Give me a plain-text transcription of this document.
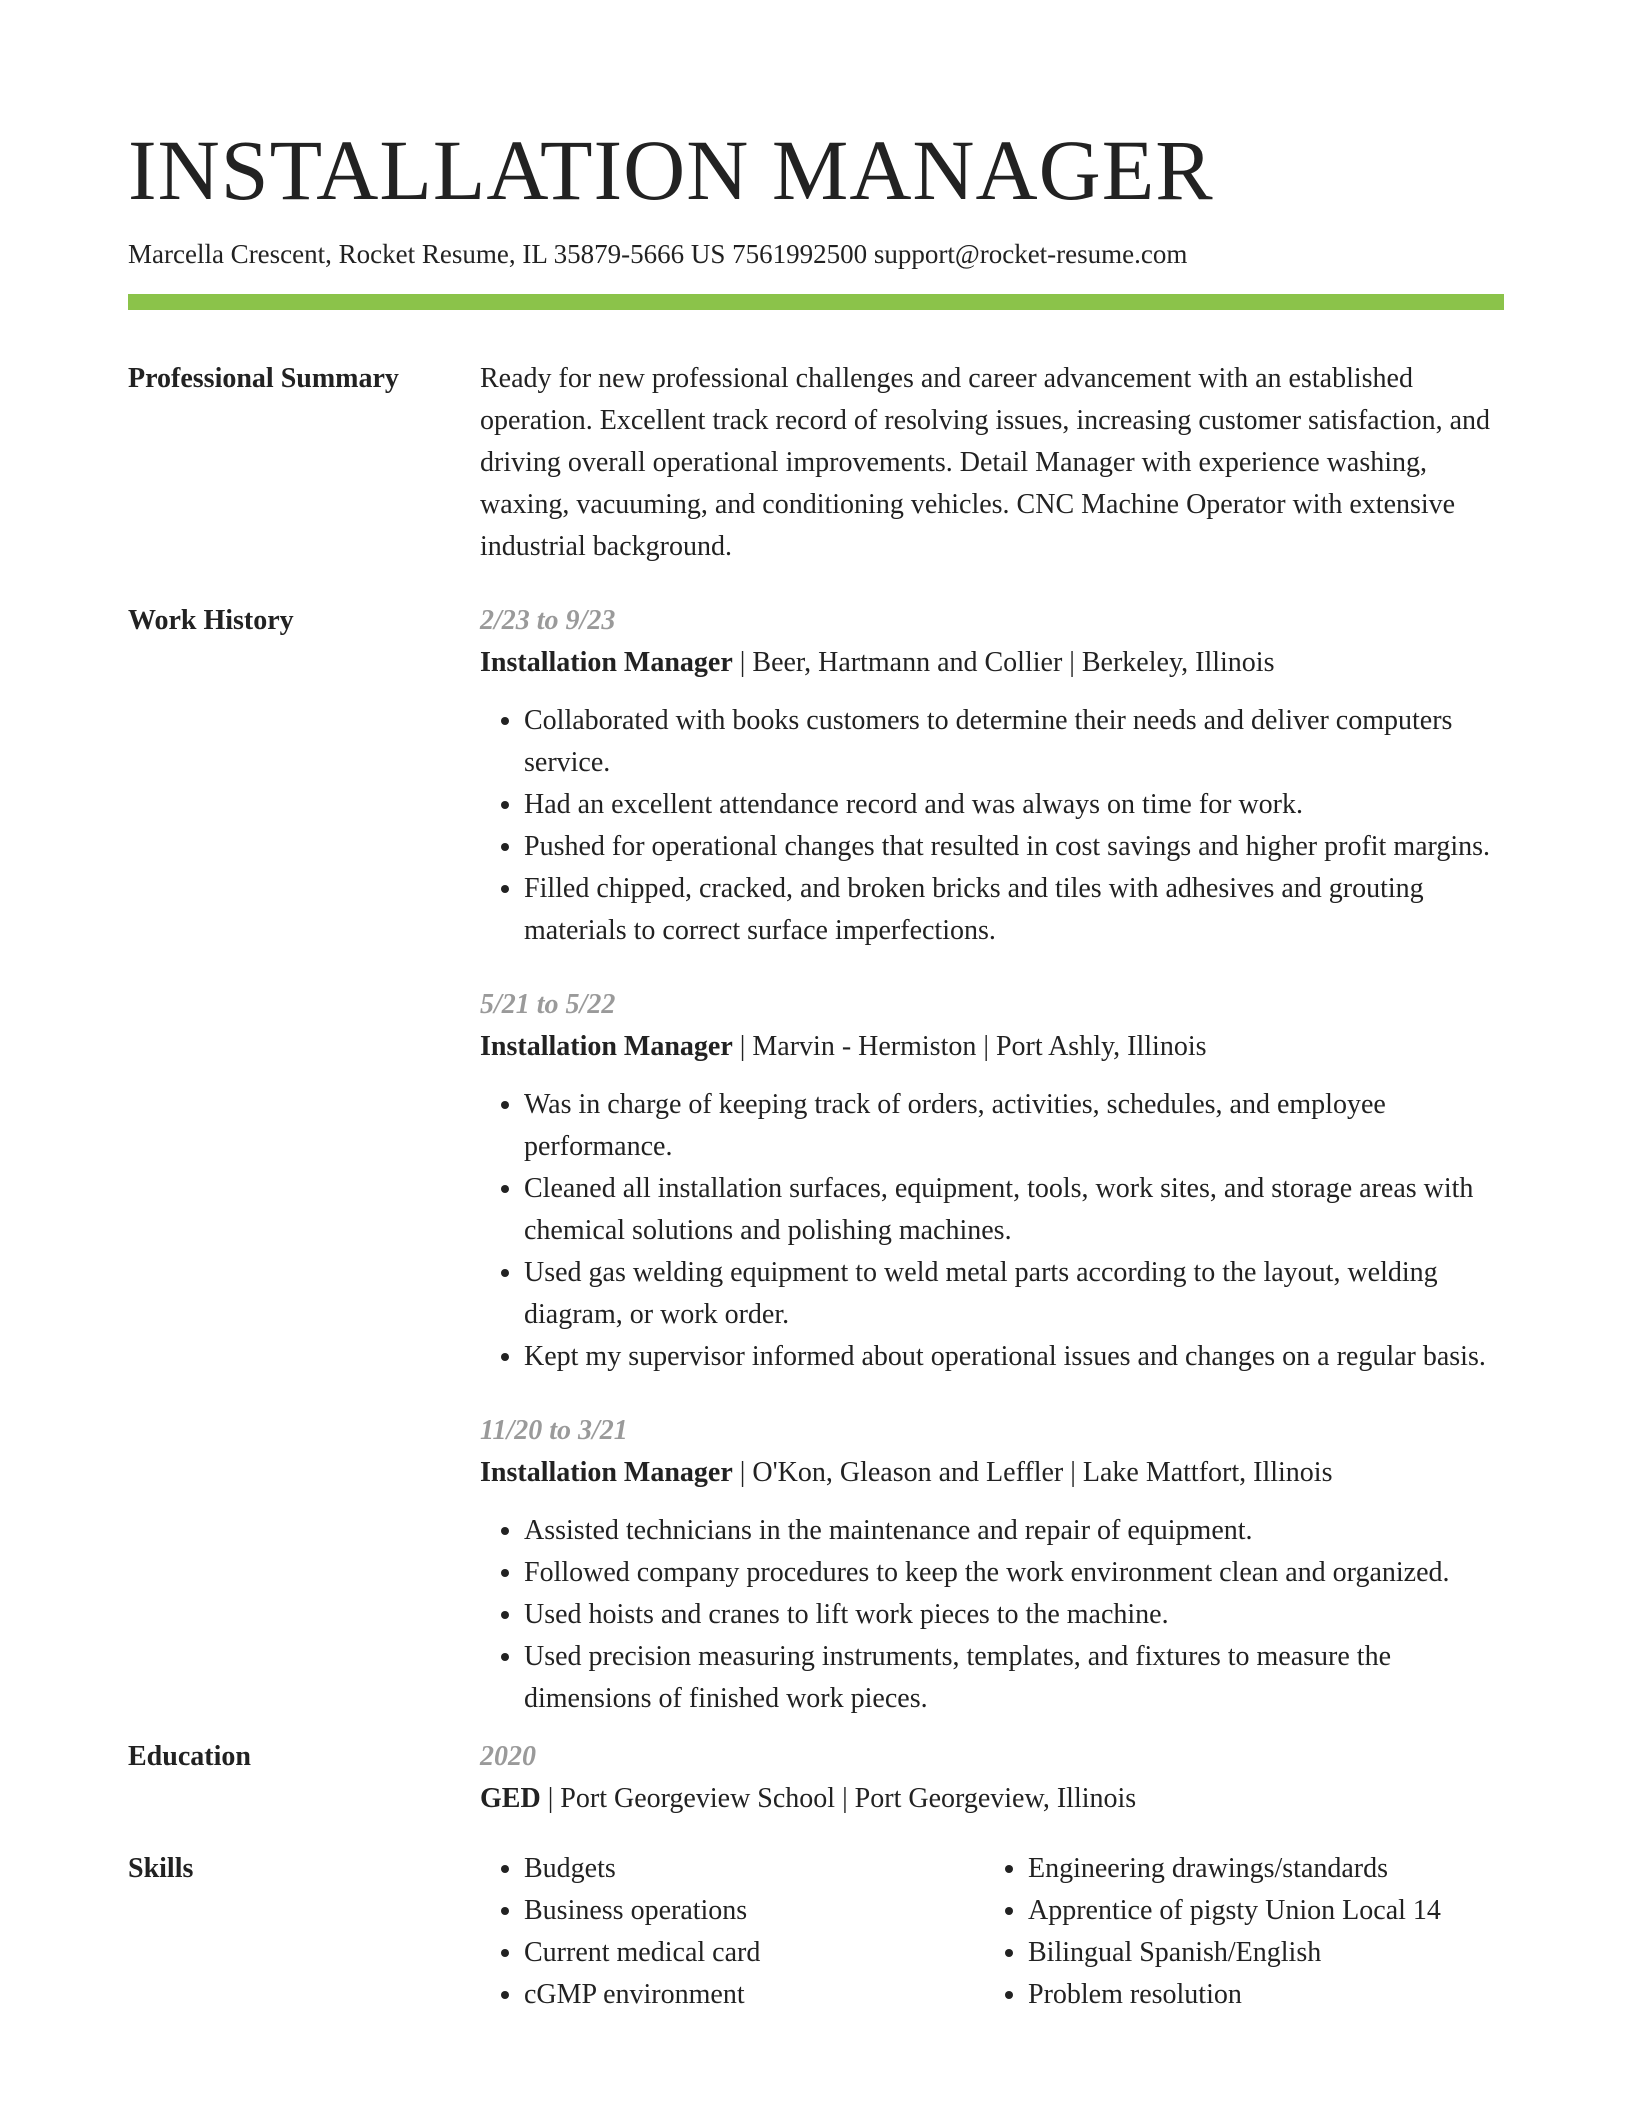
INSTALLATION MANAGER
Marcella Crescent, Rocket Resume, IL 35879-5666 US 7561992500 support@rocket-resume.com
Professional Summary	Ready for new professional challenges and career advancement with an established operation. Excellent track record of resolving issues, increasing customer satisfaction, and driving overall operational improvements. Detail Manager with experience washing, waxing, vacuuming, and conditioning vehicles. CNC Machine Operator with extensive industrial background.

Work History	2/23 to 9/23
Installation Manager | Beer, Hartmann and Collier | Berkeley, Illinois
• Collaborated with books customers to determine their needs and deliver computers service.
• Had an excellent attendance record and was always on time for work.
• Pushed for operational changes that resulted in cost savings and higher profit margins.
• Filled chipped, cracked, and broken bricks and tiles with adhesives and grouting materials to correct surface imperfections.
5/21 to 5/22
Installation Manager | Marvin - Hermiston | Port Ashly, Illinois
• Was in charge of keeping track of orders, activities, schedules, and employee performance.
• Cleaned all installation surfaces, equipment, tools, work sites, and storage areas with chemical solutions and polishing machines.
• Used gas welding equipment to weld metal parts according to the layout, welding diagram, or work order.
• Kept my supervisor informed about operational issues and changes on a regular basis.
11/20 to 3/21
Installation Manager | O'Kon, Gleason and Leffler | Lake Mattfort, Illinois
• Assisted technicians in the maintenance and repair of equipment.
• Followed company procedures to keep the work environment clean and organized.
• Used hoists and cranes to lift work pieces to the machine.
• Used precision measuring instruments, templates, and fixtures to measure the dimensions of finished work pieces.
Education	2020
GED | Port Georgeview School | Port Georgeview, Illinois
Skills
•	Budgets
• Business operations
• Current medical card
• cGMP environment
• Engineering drawings/standards
• Apprentice of pigsty Union Local 14
• Bilingual Spanish/English
• Problem resolution
